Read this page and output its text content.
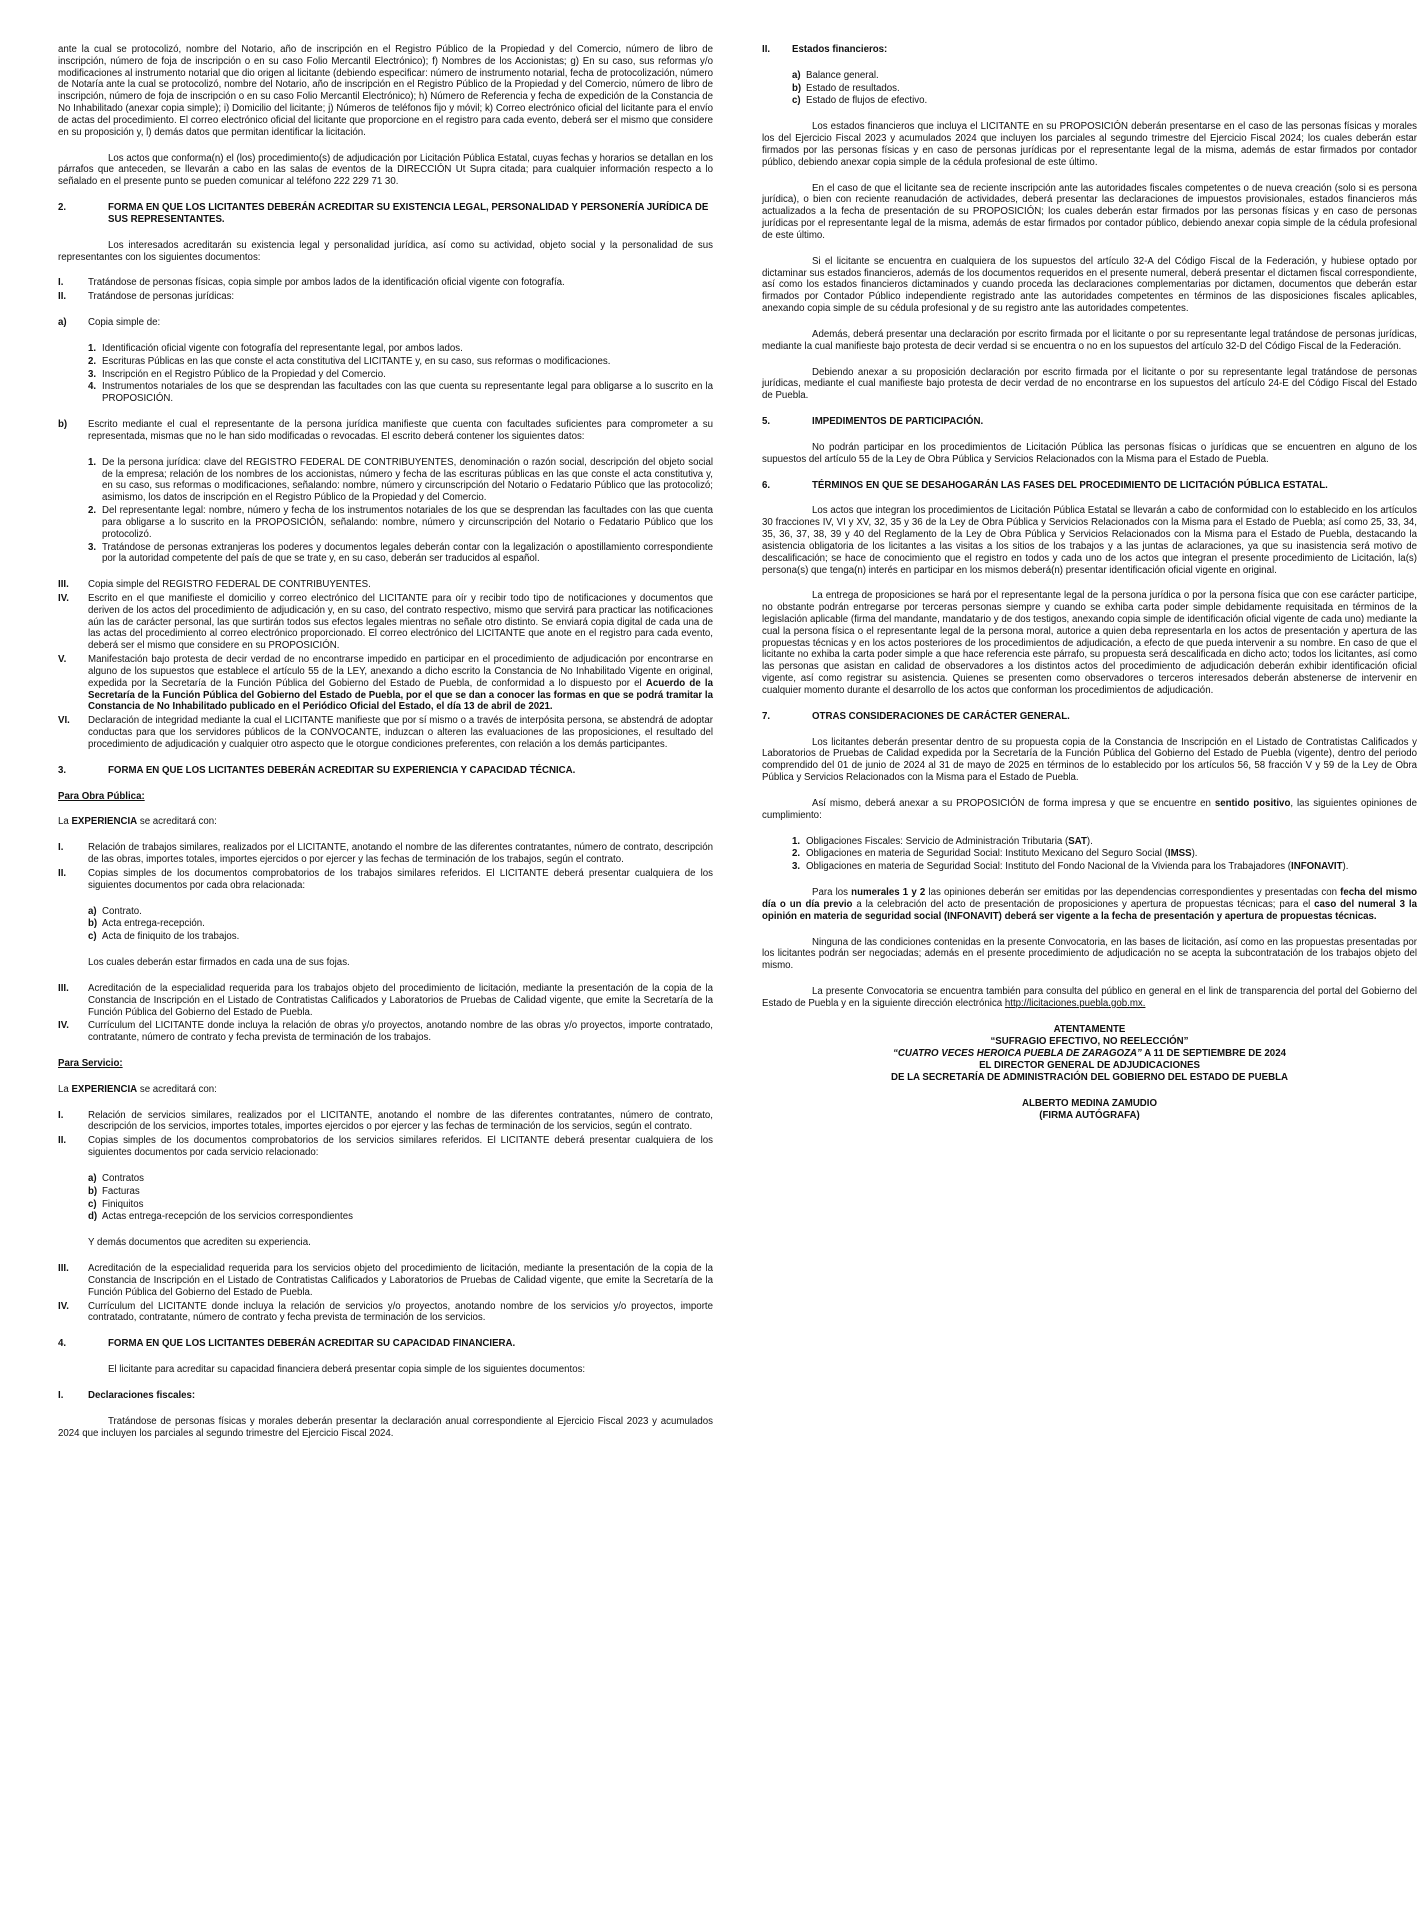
ante la cual se protocolizó, nombre del Notario, año de inscripción en el Registro Público de la Propiedad y del Comercio, número de libro de inscripción, número de foja de inscripción o en su caso Folio Mercantil Electrónico); f) Nombres de los Accionistas; g) En su caso, sus reformas y/o modificaciones al instrumento notarial que dio origen al licitante (debiendo especificar: número de instrumento notarial, fecha de protocolización, número de Notaría ante la cual se protocolizó, nombre del Notario, año de inscripción en el Registro Público de la Propiedad y del Comercio, número de libro de inscripción, número de foja de inscripción o en su caso Folio Mercantil Electrónico); h) Número de Referencia y fecha de expedición de la Constancia de No Inhabilitado (anexar copia simple); i) Domicilio del licitante; j) Números de teléfonos fijo y móvil; k) Correo electrónico oficial del licitante para el envío de actas del procedimiento. El correo electrónico oficial del licitante que proporcione en el registro para cada evento, deberá ser el mismo que considere en su proposición y, l) demás datos que permitan identificar la licitación.

Los actos que conforma(n) el (los) procedimiento(s) de adjudicación por Licitación Pública Estatal, cuyas fechas y horarios se detallan en los párrafos que anteceden, se llevarán a cabo en las salas de eventos de la DIRECCIÓN Ut Supra citada; para cualquier información respecto a lo señalado en el presente punto se pueden comunicar al teléfono 222 229 71 30.

2.	FORMA EN QUE LOS LICITANTES DEBERÁN ACREDITAR SU EXISTENCIA LEGAL, PERSONALIDAD Y PERSONERÍA JURÍDICA DE SUS REPRESENTANTES.

Los interesados acreditarán su existencia legal y personalidad jurídica, así como su actividad, objeto social y la personalidad de sus representantes con los siguientes documentos:

I.	Tratándose de personas físicas, copia simple por ambos lados de la identificación oficial vigente con fotografía.
II.	Tratándose de personas jurídicas:
a)	Copia simple de:
1. Identificación oficial vigente con fotografía del representante legal, por ambos lados.
2. Escrituras Públicas en las que conste el acta constitutiva del LICITANTE y, en su caso, sus reformas o modificaciones.
3. Inscripción en el Registro Público de la Propiedad y del Comercio.
4. Instrumentos notariales de los que se desprendan las facultades con las que cuenta su representante legal para obligarse a lo suscrito en la PROPOSICIÓN.
b)	Escrito mediante el cual el representante de la persona jurídica manifieste que cuenta con facultades suficientes para comprometer a su representada, mismas que no le han sido modificadas o revocadas. El escrito deberá contener los siguientes datos:
1. De la persona jurídica: clave del REGISTRO FEDERAL DE CONTRIBUYENTES, denominación o razón social, descripción del objeto social de la empresa; relación de los nombres de los accionistas, número y fecha de las escrituras públicas en las que conste el acta constitutiva y, en su caso, sus reformas o modificaciones, señalando: nombre, número y circunscripción del Notario o Fedatario Público que las protocolizó; asimismo, los datos de inscripción en el Registro Público de la Propiedad y del Comercio.
2. Del representante legal: nombre, número y fecha de los instrumentos notariales de los que se desprendan las facultades con las que cuenta para obligarse a lo suscrito en la PROPOSICIÓN, señalando: nombre, número y circunscripción del Notario o Fedatario Público que los protocolizó.
3. Tratándose de personas extranjeras los poderes y documentos legales deberán contar con la legalización o apostillamiento correspondiente por la autoridad competente del país de que se trate y, en su caso, deberán ser traducidos al español.
III.	Copia simple del REGISTRO FEDERAL DE CONTRIBUYENTES.
IV.	Escrito en el que manifieste el domicilio y correo electrónico del LICITANTE para oír y recibir todo tipo de notificaciones y documentos que deriven de los actos del procedimiento de adjudicación y, en su caso, del contrato respectivo, mismo que servirá para practicar las notificaciones aún las de carácter personal, las que surtirán todos sus efectos legales mientras no señale otro distinto. Se enviará copia digital de cada una de las actas del procedimiento al correo electrónico proporcionado. El correo electrónico del LICITANTE que anote en el registro para cada evento, deberá ser el mismo que considere en su PROPOSICIÓN.
V.	Manifestación bajo protesta de decir verdad de no encontrarse impedido en participar en el procedimiento de adjudicación por encontrarse en alguno de los supuestos que establece el artículo 55 de la LEY, anexando a dicho escrito la Constancia de No Inhabilitado Vigente en original, expedida por la Secretaría de la Función Pública del Gobierno del Estado de Puebla, de conformidad a lo dispuesto por el Acuerdo de la Secretaría de la Función Pública del Gobierno del Estado de Puebla, por el que se dan a conocer las formas en que se podrá tramitar la Constancia de No Inhabilitado publicado en el Periódico Oficial del Estado, el día 13 de abril de 2021.
VI.	Declaración de integridad mediante la cual el LICITANTE manifieste que por sí mismo o a través de interpósita persona, se abstendrá de adoptar conductas para que los servidores públicos de la CONVOCANTE, induzcan o alteren las evaluaciones de las proposiciones, el resultado del procedimiento de adjudicación y cualquier otro aspecto que le otorgue condiciones preferentes, con relación a los demás participantes.
3.	FORMA EN QUE LOS LICITANTES DEBERÁN ACREDITAR SU EXPERIENCIA Y CAPACIDAD TÉCNICA.
Para Obra Pública:

La EXPERIENCIA se acreditará con:

I.	Relación de trabajos similares, realizados por el LICITANTE, anotando el nombre de las diferentes contratantes, número de contrato, descripción de las obras, importes totales, importes ejercidos o por ejercer y las fechas de terminación de los trabajos, según el contrato.
II.	Copias simples de los documentos comprobatorios de los trabajos similares referidos. El LICITANTE deberá presentar cualquiera de los siguientes documentos por cada obra relacionada:
a) Contrato.
b) Acta entrega-recepción.
c) Acta de finiquito de los trabajos.

Los cuales deberán estar firmados en cada una de sus fojas.

III.	Acreditación de la especialidad requerida para los trabajos objeto del procedimiento de licitación, mediante la presentación de la copia de la Constancia de Inscripción en el Listado de Contratistas Calificados y Laboratorios de Pruebas de Calidad vigente, que emite la Secretaría de la Función Pública del Gobierno del Estado de Puebla.
IV.	Currículum del LICITANTE donde incluya la relación de obras y/o proyectos, anotando nombre de las obras y/o proyectos, importe contratado, contratante, número de contrato y fecha prevista de terminación de los trabajos.
Para Servicio:

La EXPERIENCIA se acreditará con:

I.	Relación de servicios similares, realizados por el LICITANTE, anotando el nombre de las diferentes contratantes, número de contrato, descripción de los servicios, importes totales, importes ejercidos o por ejercer y las fechas de terminación de los servicios, según el contrato.
II.	Copias simples de los documentos comprobatorios de los servicios similares referidos. El LICITANTE deberá presentar cualquiera de los siguientes documentos por cada servicio relacionado:
a) Contratos
b) Facturas
c) Finiquitos
d) Actas entrega-recepción de los servicios correspondientes

Y demás documentos que acrediten su experiencia.

III.	Acreditación de la especialidad requerida para los servicios objeto del procedimiento de licitación, mediante la presentación de la copia de la Constancia de Inscripción en el Listado de Contratistas Calificados y Laboratorios de Pruebas de Calidad vigente, que emite la Secretaría de la Función Pública del Gobierno del Estado de Puebla.
IV.	Currículum del LICITANTE donde incluya la relación de servicios y/o proyectos, anotando nombre de los servicios y/o proyectos, importe contratado, contratante, número de contrato y fecha prevista de terminación de los servicios.
4.	FORMA EN QUE LOS LICITANTES DEBERÁN ACREDITAR SU CAPACIDAD FINANCIERA.

El licitante para acreditar su capacidad financiera deberá presentar copia simple de los siguientes documentos:

I.	Declaraciones fiscales:

Tratándose de personas físicas y morales deberán presentar la declaración anual correspondiente al Ejercicio Fiscal 2023 y acumulados 2024 que incluyen los parciales al segundo trimestre del Ejercicio Fiscal 2024.

II.	Estados financieros:
a) Balance general.
b) Estado de resultados.
c) Estado de flujos de efectivo.

Los estados financieros que incluya el LICITANTE en su PROPOSICIÓN deberán presentarse en el caso de las personas físicas y morales los del Ejercicio Fiscal 2023 y acumulados 2024 que incluyen los parciales al segundo trimestre del Ejercicio Fiscal 2024; los cuales deberán estar firmados por las personas físicas y en caso de personas jurídicas por el representante legal de la misma, además de estar firmados por contador público, debiendo anexar copia simple de la cédula profesional de este último.

En el caso de que el licitante sea de reciente inscripción ante las autoridades fiscales competentes o de nueva creación (solo si es persona jurídica), o bien con reciente reanudación de actividades, deberá presentar las declaraciones de impuestos provisionales, estados financieros más actualizados a la fecha de presentación de su PROPOSICIÓN; los cuales deberán estar firmados por las personas físicas y en caso de personas jurídicas por el representante legal de la misma, además de estar firmados por contador público, debiendo anexar copia simple de la cédula profesional de este último.

Si el licitante se encuentra en cualquiera de los supuestos del artículo 32-A del Código Fiscal de la Federación, y hubiese optado por dictaminar sus estados financieros, además de los documentos requeridos en el presente numeral, deberá presentar el dictamen fiscal correspondiente, así como los estados financieros dictaminados y cuando proceda las declaraciones complementarias por dictamen, documentos que deberán estar firmados por Contador Público independiente registrado ante las autoridades competentes en términos de las disposiciones fiscales aplicables, anexando copia simple de su cédula profesional y de su registro ante las autoridades competentes.

Además, deberá presentar una declaración por escrito firmada por el licitante o por su representante legal tratándose de personas jurídicas, mediante la cual manifieste bajo protesta de decir verdad si se encuentra o no en los supuestos del artículo 32-D del Código Fiscal de la Federación.

Debiendo anexar a su proposición declaración por escrito firmada por el licitante o por su representante legal tratándose de personas jurídicas, mediante el cual manifieste bajo protesta de decir verdad de no encontrarse en los supuestos del artículo 24-E del Código Fiscal del Estado de Puebla.

5.	IMPEDIMENTOS DE PARTICIPACIÓN.

No podrán participar en los procedimientos de Licitación Pública las personas físicas o jurídicas que se encuentren en alguno de los supuestos del artículo 55 de la Ley de Obra Pública y Servicios Relacionados con la Misma para el Estado de Puebla.

6.	TÉRMINOS EN QUE SE DESAHOGARÁN LAS FASES DEL PROCEDIMIENTO DE LICITACIÓN PÚBLICA ESTATAL.

Los actos que integran los procedimientos de Licitación Pública Estatal se llevarán a cabo de conformidad con lo establecido en los artículos 30 fracciones IV, VI y XV, 32, 35 y 36 de la Ley de Obra Pública y Servicios Relacionados con la Misma para el Estado de Puebla; así como 25, 33, 34, 35, 36, 37, 38, 39 y 40 del Reglamento de la Ley de Obra Pública y Servicios Relacionados con la Misma para el Estado de Puebla, destacando la asistencia obligatoria de los licitantes a las visitas a los sitios de los trabajos y a las juntas de aclaraciones, ya que su inasistencia será motivo de descalificación; se hace de conocimiento que el registro en todos y cada uno de los actos que integran el presente procedimiento de Licitación, la(s) persona(s) que tenga(n) interés en participar en los mismos deberá(n) presentar identificación oficial vigente en original.

La entrega de proposiciones se hará por el representante legal de la persona jurídica o por la persona física que con ese carácter participe, no obstante podrán entregarse por terceras personas siempre y cuando se exhiba carta poder simple debidamente requisitada en términos de la legislación aplicable (firma del mandante, mandatario y de dos testigos, anexando copia simple de identificación oficial vigente de cada uno) mediante la cual la persona física o el representante legal de la persona moral, autorice a quien deba representarla en los actos de presentación y apertura de las propuestas técnicas y en los actos posteriores de los procedimientos de adjudicación, a efecto de que pueda intervenir a su nombre. En caso de que el licitante no exhiba la carta poder simple a que hace referencia este párrafo, su propuesta será descalificada en dicho acto; todos los licitantes, así como las personas que asistan en calidad de observadores a los distintos actos del procedimiento de adjudicación deberán exhibir identificación oficial vigente, así como registrar su asistencia. Quienes se presenten como observadores o terceros interesados deberán abstenerse de intervenir en cualquier momento durante el desarrollo de los actos que conforman los procedimientos de adjudicación.

7.	OTRAS CONSIDERACIONES DE CARÁCTER GENERAL.

Los licitantes deberán presentar dentro de su propuesta copia de la Constancia de Inscripción en el Listado de Contratistas Calificados y Laboratorios de Pruebas de Calidad expedida por la Secretaría de la Función Pública del Gobierno del Estado de Puebla (vigente), dentro del periodo comprendido del 01 de junio de 2024 al 31 de mayo de 2025 en términos de lo establecido por los artículos 56, 58 fracción V y 59 de la Ley de Obra Pública y Servicios Relacionados con la Misma para el Estado de Puebla.

Así mismo, deberá anexar a su PROPOSICIÓN de forma impresa y que se encuentre en sentido positivo, las siguientes opiniones de cumplimiento:

1. Obligaciones Fiscales: Servicio de Administración Tributaria (SAT).
2. Obligaciones en materia de Seguridad Social: Instituto Mexicano del Seguro Social (IMSS).
3. Obligaciones en materia de Seguridad Social: Instituto del Fondo Nacional de la Vivienda para los Trabajadores (INFONAVIT).

Para los numerales 1 y 2 las opiniones deberán ser emitidas por las dependencias correspondientes y presentadas con fecha del mismo día o un día previo a la celebración del acto de presentación de proposiciones y apertura de propuestas técnicas; para el caso del numeral 3 la opinión en materia de seguridad social (INFONAVIT) deberá ser vigente a la fecha de presentación y apertura de propuestas técnicas.

Ninguna de las condiciones contenidas en la presente Convocatoria, en las bases de licitación, así como en las propuestas presentadas por los licitantes podrán ser negociadas; además en el presente procedimiento de adjudicación no se acepta la subcontratación de los trabajos objeto del mismo.

La presente Convocatoria se encuentra también para consulta del público en general en el link de transparencia del portal del Gobierno del Estado de Puebla y en la siguiente dirección electrónica http://licitaciones.puebla.gob.mx.

ATENTAMENTE

“SUFRAGIO EFECTIVO, NO REELECCIÓN”

“CUATRO VECES HEROICA PUEBLA DE ZARAGOZA” A 11 DE SEPTIEMBRE DE 2024

EL DIRECTOR GENERAL DE ADJUDICACIONES

DE LA SECRETARÍA DE ADMINISTRACIÓN DEL GOBIERNO DEL ESTADO DE PUEBLA

ALBERTO MEDINA ZAMUDIO

(FIRMA AUTÓGRAFA)
